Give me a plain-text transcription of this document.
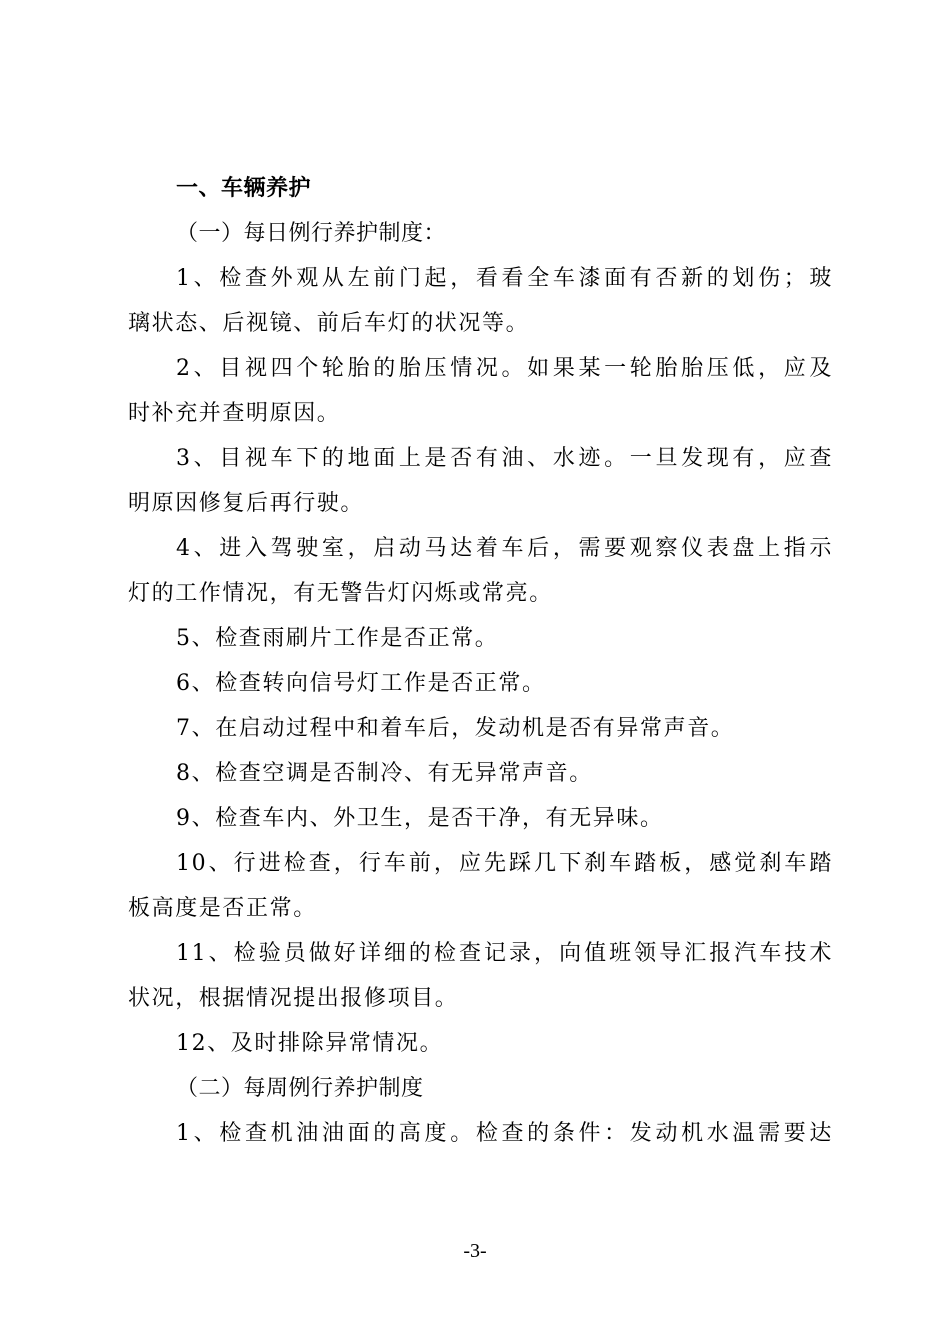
一、车辆养护
（一）每日例行养护制度：
1、检查外观从左前门起，看看全车漆面有否新的划伤；玻
璃状态、后视镜、前后车灯的状况等。
2、目视四个轮胎的胎压情况。如果某一轮胎胎压低，应及
时补充并查明原因。
3、目视车下的地面上是否有油、水迹。一旦发现有，应查
明原因修复后再行驶。
4、进入驾驶室，启动马达着车后，需要观察仪表盘上指示
灯的工作情况，有无警告灯闪烁或常亮。
5、检查雨刷片工作是否正常。
6、检查转向信号灯工作是否正常。
7、在启动过程中和着车后，发动机是否有异常声音。
8、检查空调是否制冷、有无异常声音。
9、检查车内、外卫生，是否干净，有无异味。
10、行进检查，行车前，应先踩几下刹车踏板，感觉刹车踏
板高度是否正常。
11、检验员做好详细的检查记录，向值班领导汇报汽车技术
状况，根据情况提出报修项目。
12、及时排除异常情况。
（二）每周例行养护制度
1、检查机油油面的高度。检查的条件：发动机水温需要达
-3-
